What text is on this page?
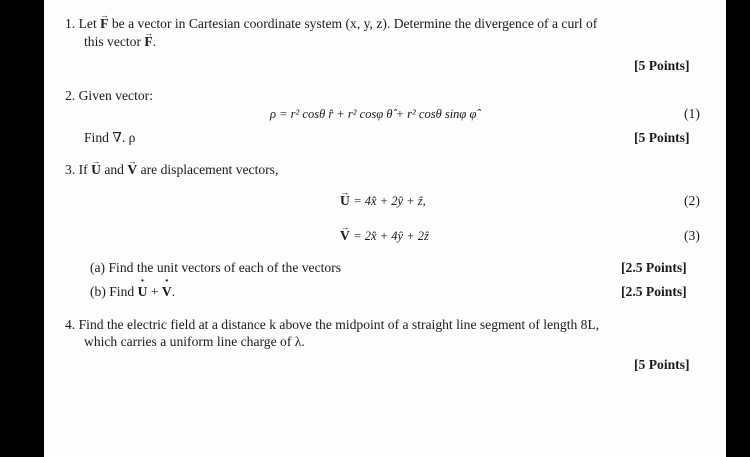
1. Let → F be a vector in Cartesian coordinate system (x, y, z). Determine the divergence of a curl of
this vector → F.
[5 Points]
2. Given vector:
ρ = r² cosθ r̂ + r² cosφ θ̂ + r² cosθ sinφ φ̂	(1)
Find ∇. ρ	[5 Points]
3. If → U and → V are displacement vectors,
→ U = 4x̂ + 2ŷ + ẑ,	(2)
→ V = 2x̂ + 4ŷ + 2ẑ	(3)
(a) Find the unit vectors of each of the vectors	[2.5 Points]
(b) Find · U + · V.	[2.5 Points]
4. Find the electric field at a distance k above the midpoint of a straight line segment of length 8L,
which carries a uniform line charge of λ.
[5 Points]
